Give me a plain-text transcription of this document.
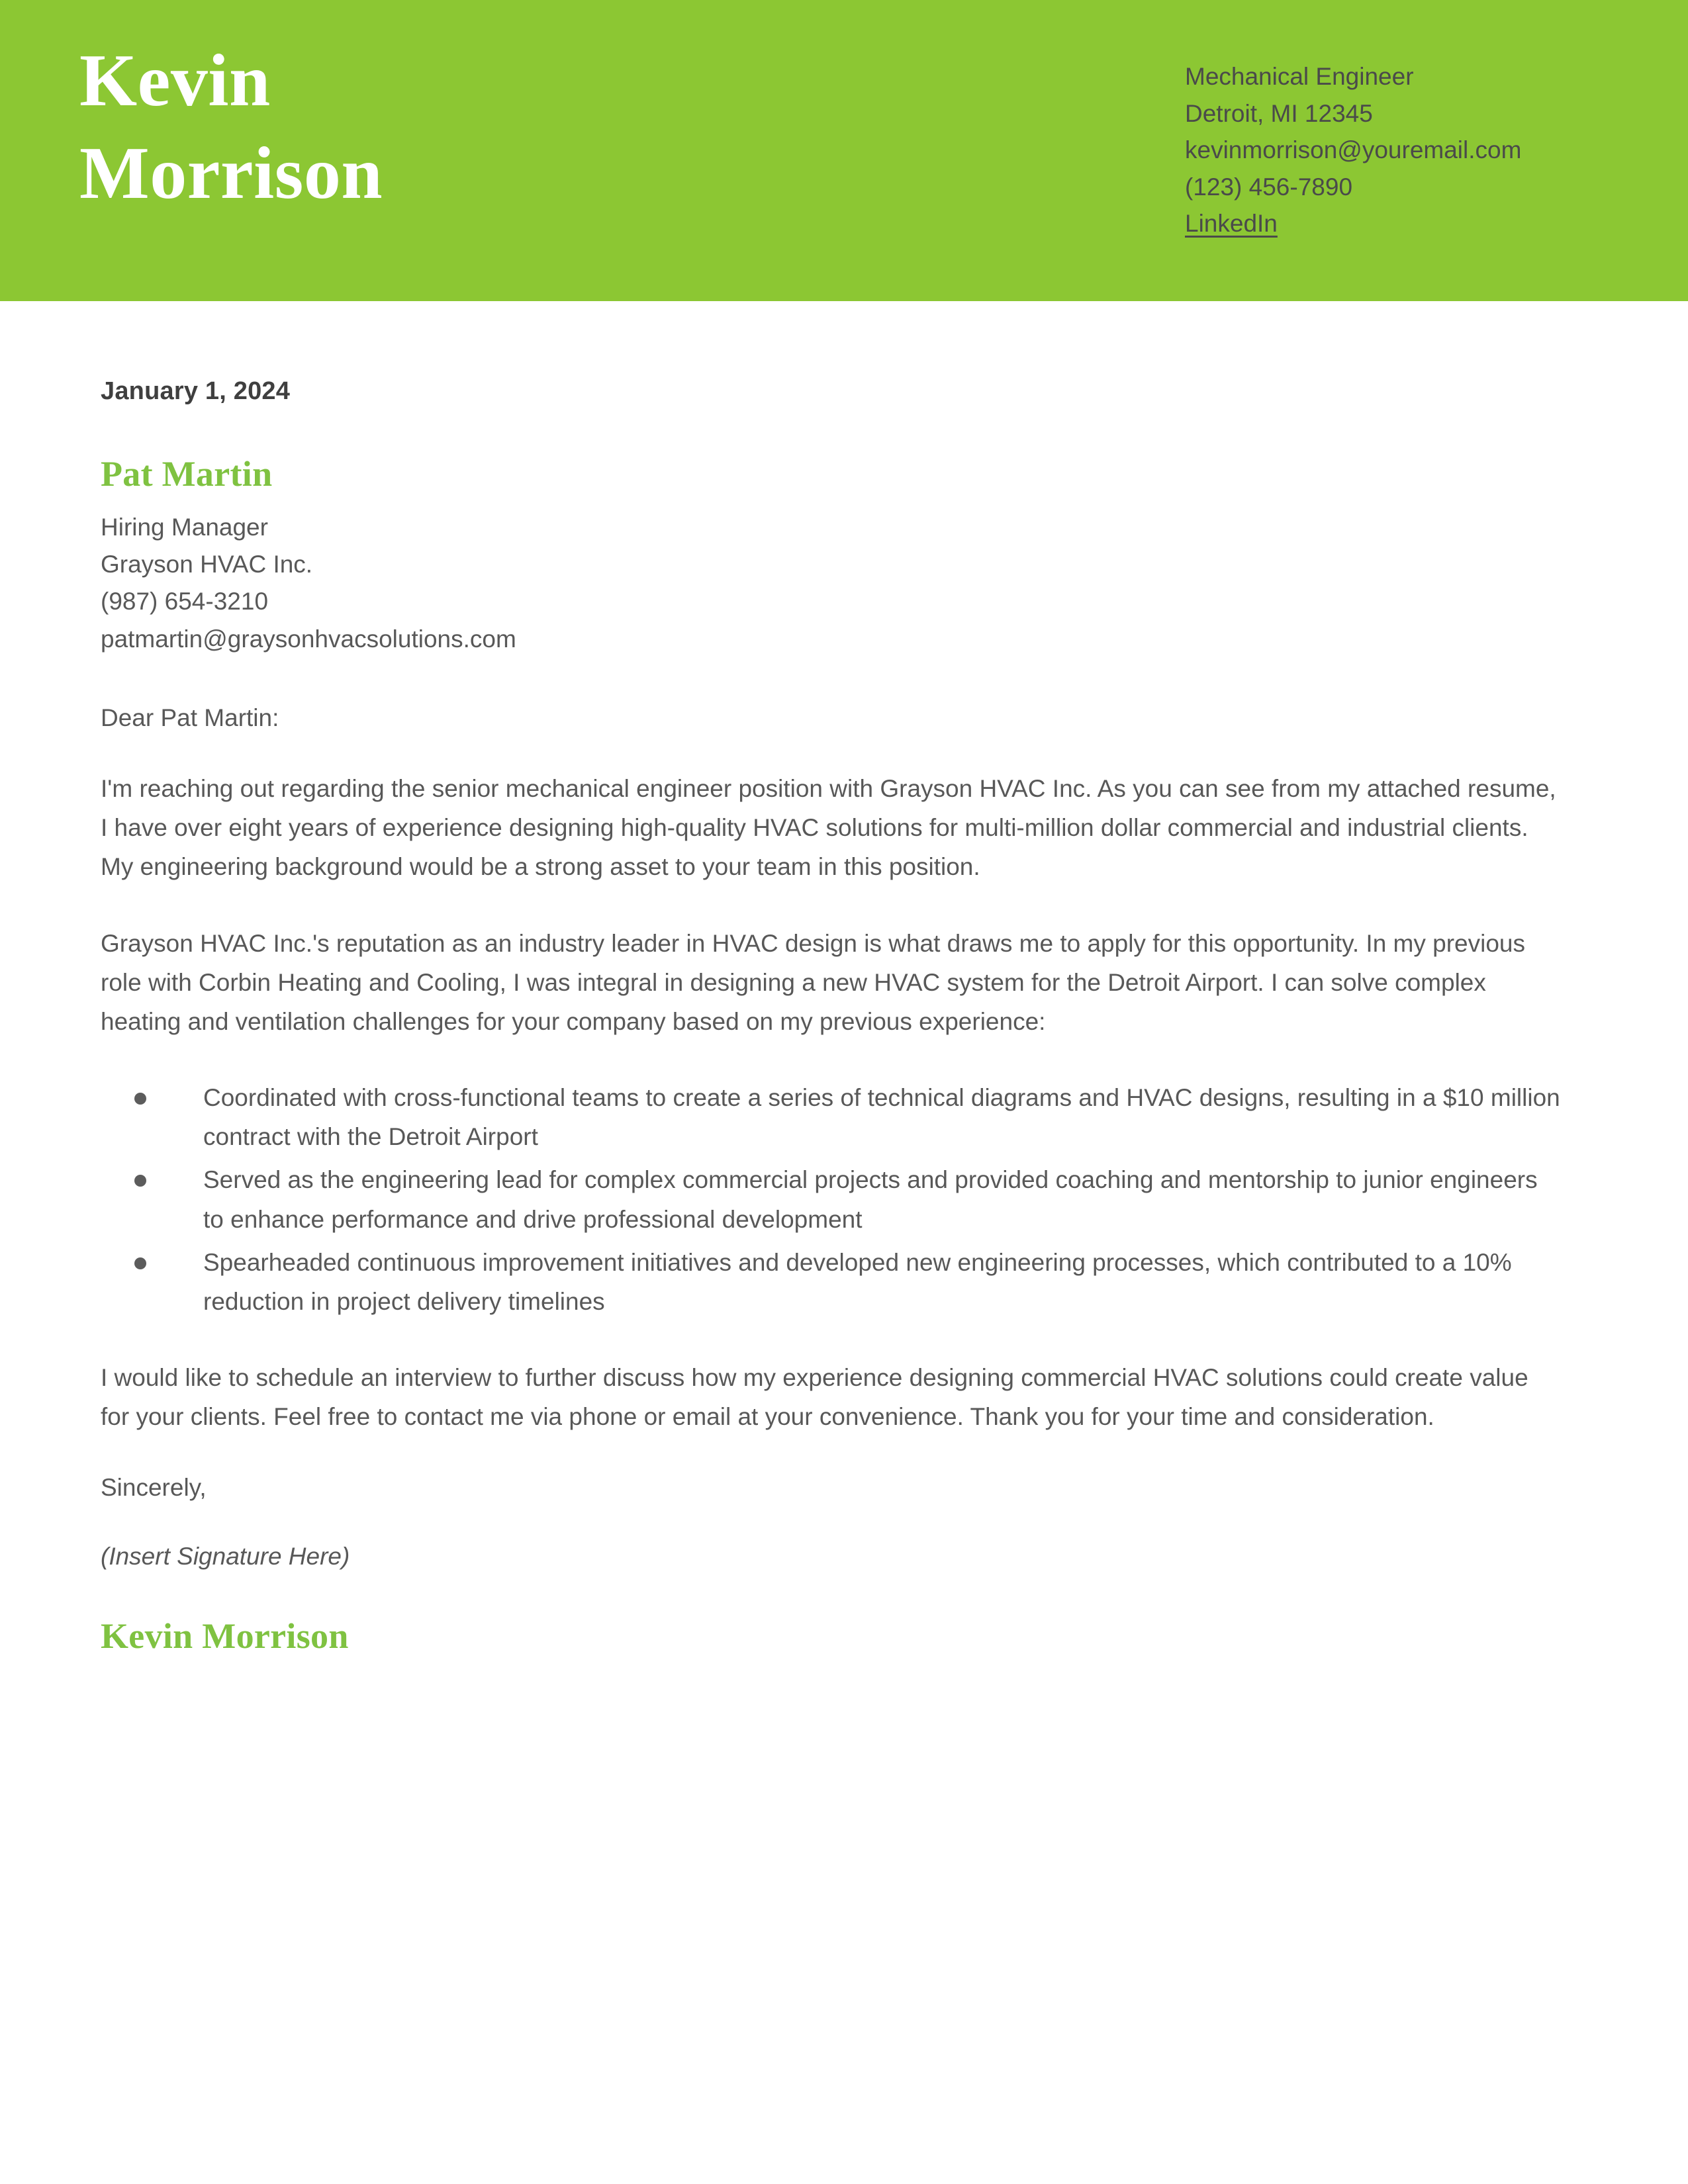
Kevin
Morrison
Mechanical Engineer
Detroit, MI 12345
kevinmorrison@youremail.com
(123) 456-7890
LinkedIn
January 1, 2024
Pat Martin
Hiring Manager
Grayson HVAC Inc.
(987) 654-3210
patmartin@graysonhvacsolutions.com
Dear Pat Martin:

I'm reaching out regarding the senior mechanical engineer position with Grayson HVAC Inc. As you can see from my attached resume, I have over eight years of experience designing high-quality HVAC solutions for multi-million dollar commercial and industrial clients. My engineering background would be a strong asset to your team in this position.

Grayson HVAC Inc.'s reputation as an industry leader in HVAC design is what draws me to apply for this opportunity. In my previous role with Corbin Heating and Cooling, I was integral in designing a new HVAC system for the Detroit Airport. I can solve complex heating and ventilation challenges for your company based on my previous experience:

Coordinated with cross-functional teams to create a series of technical diagrams and HVAC designs, resulting in a $10 million contract with the Detroit Airport
Served as the engineering lead for complex commercial projects and provided coaching and mentorship to junior engineers to enhance performance and drive professional development
Spearheaded continuous improvement initiatives and developed new engineering processes, which contributed to a 10% reduction in project delivery timelines

I would like to schedule an interview to further discuss how my experience designing commercial HVAC solutions could create value for your clients. Feel free to contact me via phone or email at your convenience. Thank you for your time and consideration.

Sincerely,
(Insert Signature Here)
Kevin Morrison
